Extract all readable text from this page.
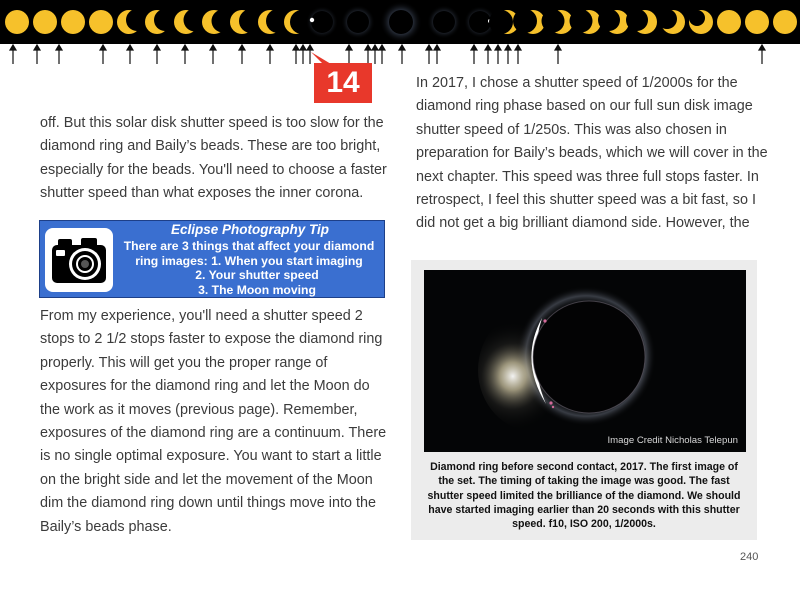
14

off. But this solar disk shutter speed is too slow for the diamond ring and Baily’s beads. These are too bright, especially for the beads. You'll need to choose a faster shutter speed than what exposes the inner corona.

Eclipse Photography Tip
There are 3 things that affect your diamond
ring images: 1. When you start imaging
2. Your shutter speed
3. The Moon moving

From my experience, you'll need a shutter speed 2 stops to 2 1/2 stops faster to expose the diamond ring properly. This will get you the proper range of exposures for the diamond ring and let the Moon do the work as it moves (previous page). Remember, exposures of the diamond ring are a continuum. There is no single optimal exposure. You want to start a little on the bright side and let the movement of the Moon dim the diamond ring down until things move into the Baily’s beads phase.

In 2017, I chose a shutter speed of 1/2000s for the diamond ring phase based on our full sun disk image shutter speed of 1/250s. This was also chosen in preparation for Baily’s beads, which we will cover in the next chapter. This speed was three full stops faster. In retrospect, I feel this shutter speed was a bit fast, so I did not get a big brilliant diamond side. However, the

Image Credit Nicholas Telepun
Diamond ring before second contact, 2017. The first image of the set. The timing of taking the image was good. The fast shutter speed limited the brilliance of the diamond. We should have started imaging earlier than 20 seconds with this shutter speed. f10, ISO 200, 1/2000s.
240
